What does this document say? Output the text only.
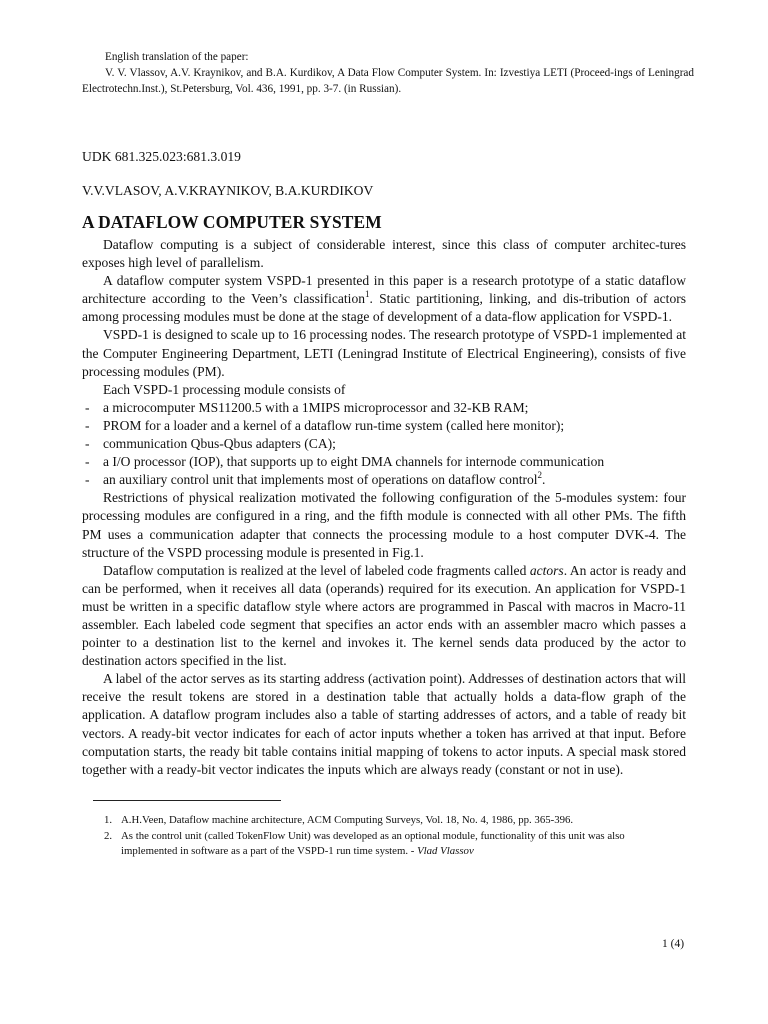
English translation of the paper:
V. V. Vlassov, A.V. Kraynikov, and B.A. Kurdikov, A Data Flow Computer System. In: Izvestiya LETI (Proceed-ings of Leningrad Electrotechn.Inst.), St.Petersburg, Vol. 436, 1991, pp. 3-7. (in Russian).
UDK 681.325.023:681.3.019
V.V.VLASOV, A.V.KRAYNIKOV, B.A.KURDIKOV
A DATAFLOW COMPUTER SYSTEM

Dataflow computing is a subject of considerable interest, since this class of computer architec-tures exposes high level of parallelism.

A dataflow computer system VSPD-1 presented in this paper is a research prototype of a static dataflow architecture according to the Veen’s classification$^1$. Static partitioning, linking, and dis-tribution of actors among processing modules must be done at the stage of development of a data-flow application for VSPD-1.

VSPD-1 is designed to scale up to 16 processing nodes. The research prototype of VSPD-1 implemented at the Computer Engineering Department, LETI (Leningrad Institute of Electrical Engineering), consists of five processing modules (PM).

Each VSPD-1 processing module consists of

- a microcomputer MS11200.5 with a 1MIPS microprocessor and 32-KB RAM;
- PROM for a loader and a kernel of a dataflow run-time system (called here monitor);
- communication Qbus-Qbus adapters (CA);
- a I/O processor (IOP), that supports up to eight DMA channels for internode communication
- an auxiliary control unit that implements most of operations on dataflow control$^2$.

Restrictions of physical realization motivated the following configuration of the 5-modules system: four processing modules are configured in a ring, and the fifth module is connected with all other PMs. The fifth PM uses a communication adapter that connects the processing module to a host computer DVK-4. The structure of the VSPD processing module is presented in Fig.1.

Dataflow computation is realized at the level of labeled code fragments called actors. An actor is ready and can be performed, when it receives all data (operands) required for its execution. An application for VSPD-1 must be written in a specific dataflow style where actors are programmed in Pascal with macros in Macro-11 assembler. Each labeled code segment that specifies an actor ends with an assembler macro which passes a pointer to a destination list to the kernel and invokes it. The kernel sends data produced by the actor to destination actors specified in the list.

A label of the actor serves as its starting address (activation point). Addresses of destination actors that will receive the result tokens are stored in a destination table that actually holds a data-flow graph of the application. A dataflow program includes also a table of starting addresses of actors, and a table of ready bit vectors. A ready-bit vector indicates for each of actor inputs whether a token has arrived at that input. Before computation starts, the ready bit table contains initial mapping of tokens to actor inputs. A special mask stored together with a ready-bit vector indicates the inputs which are always ready (constant or not in use).

1. A.H.Veen, Dataflow machine architecture, ACM Computing Surveys, Vol. 18, No. 4, 1986, pp. 365-396.
2. As the control unit (called TokenFlow Unit) was developed as an optional module, functionality of this unit was also implemented in software as a part of the VSPD-1 run time system. - Vlad Vlassov
1 (4)
